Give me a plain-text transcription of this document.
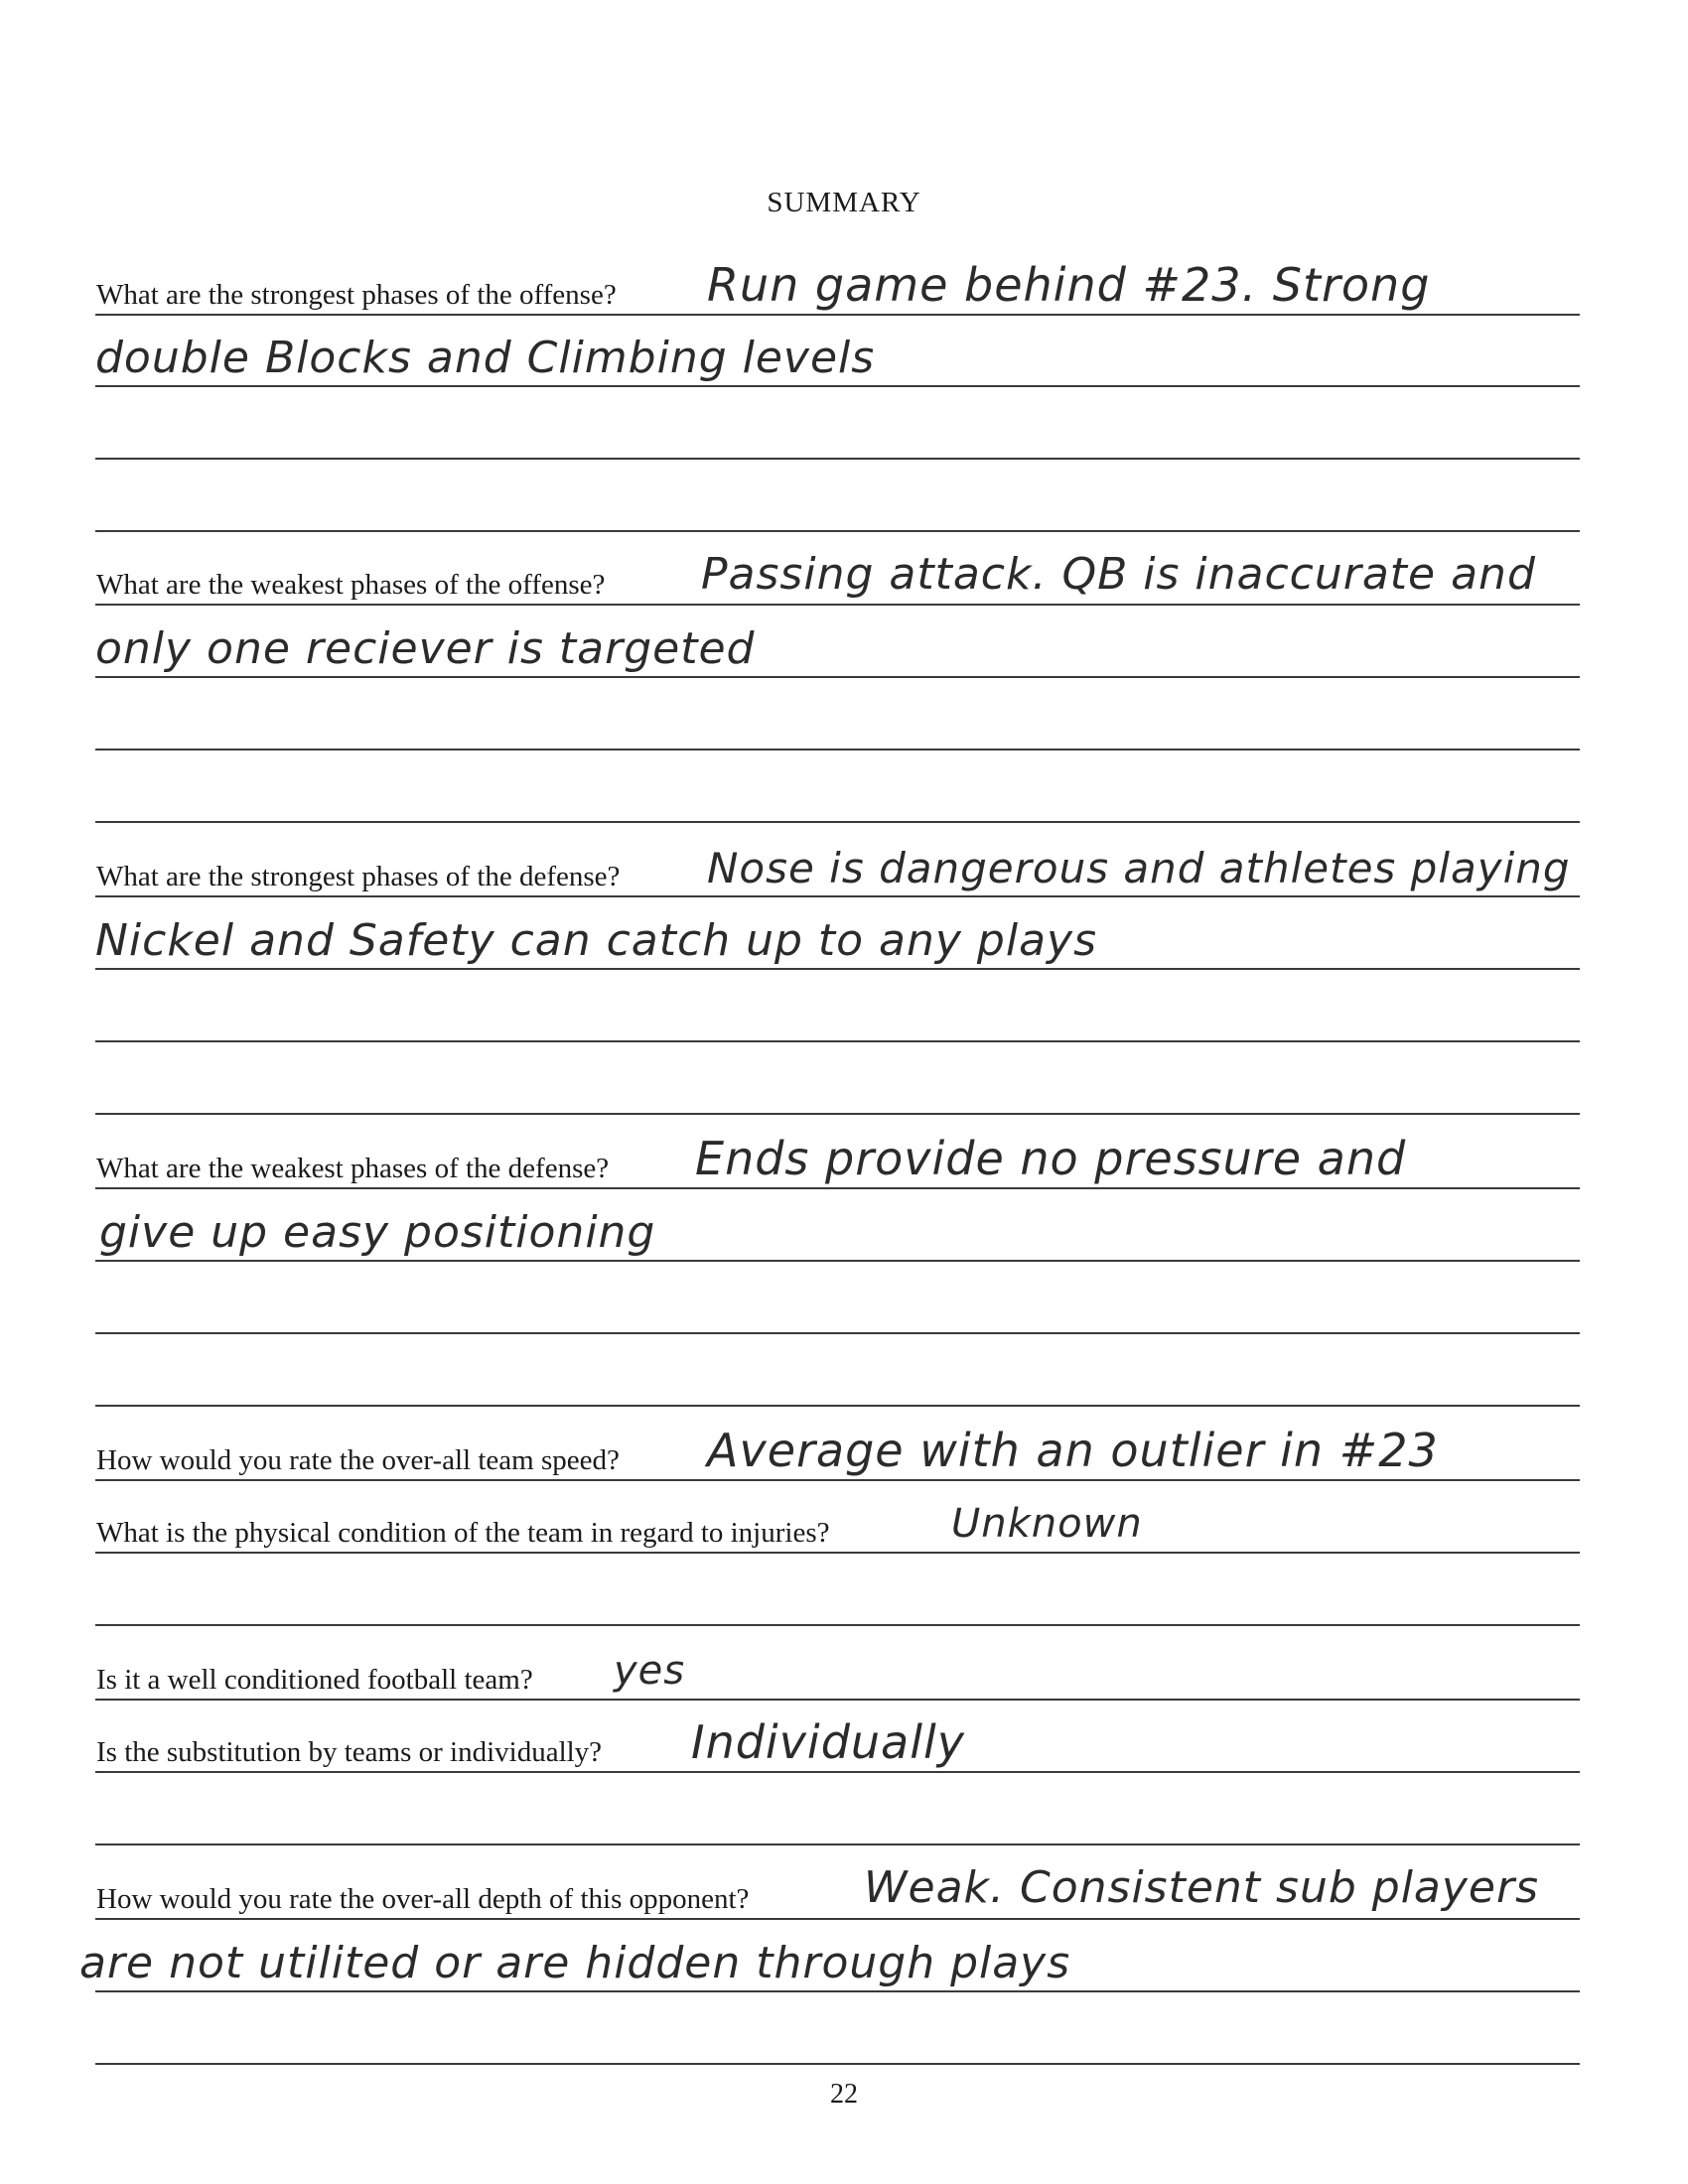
SUMMARY
What are the strongest phases of the offense? Run game behind #23. Strong
double Blocks and Climbing levels
What are the weakest phases of the offense? Passing attack. QB is inaccurate and
only one reciever is targeted
What are the strongest phases of the defense? Nose is dangerous and athletes playing
Nickel and Safety can catch up to any plays
What are the weakest phases of the defense? Ends provide no pressure and
give up easy positioning
How would you rate the over-all team speed? Average with an outlier in #23
What is the physical condition of the team in regard to injuries?	Unknown
Is it a well conditioned football team? yes
Is the substitution by teams or individually? Individually
How would you rate the over-all depth of this opponent?	Weak. Consistent sub players
are not utilited or are hidden through plays
22
